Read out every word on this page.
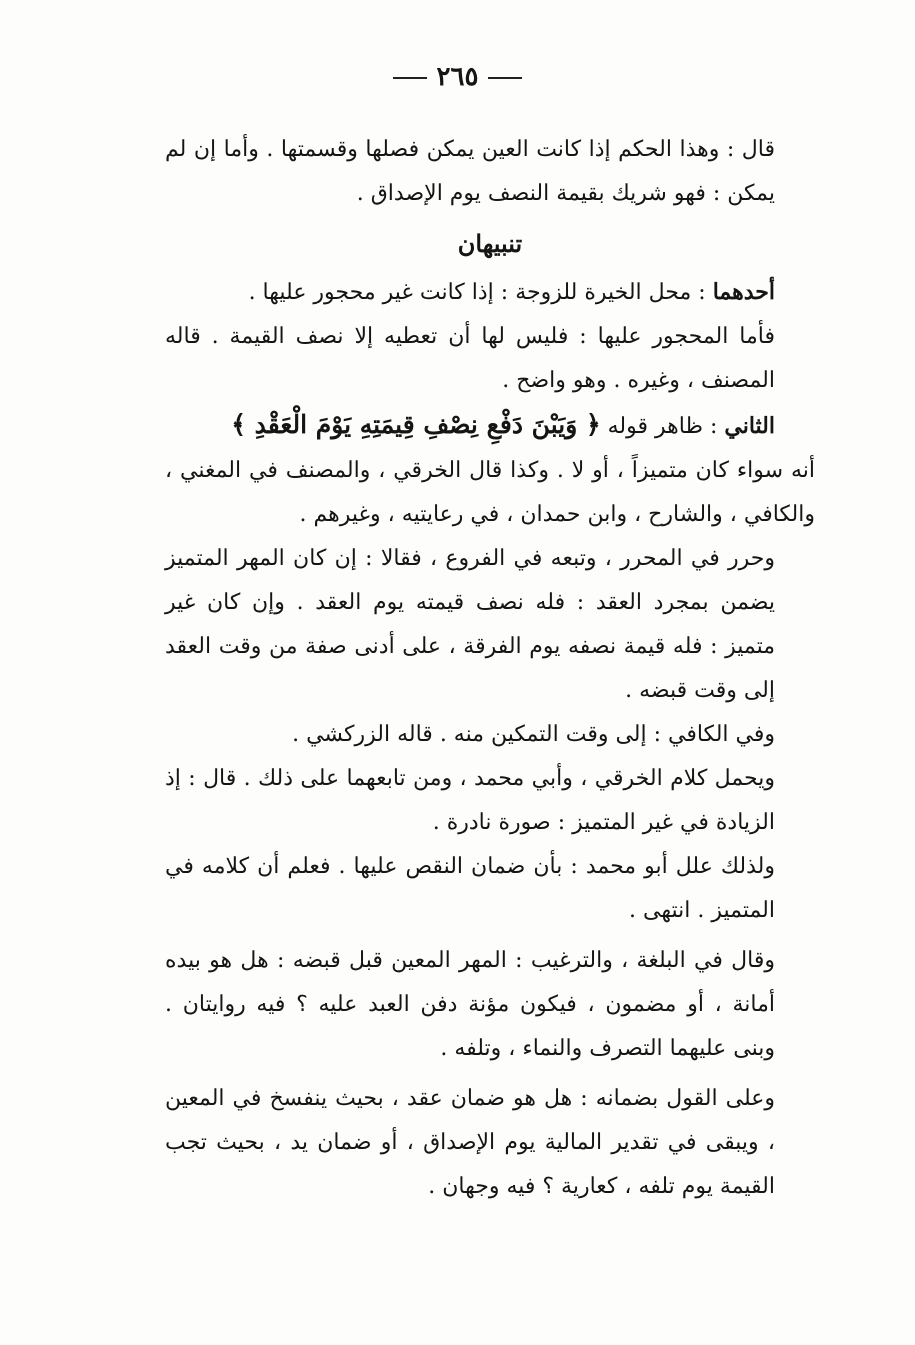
٢٦٥

قال : وهذا الحكم إذا كانت العين يمكن فصلها وقسمتها . وأما إن لم يمكن : فهو شريك بقيمة النصف يوم الإصداق .

تنبيهان

أحدهما : محل الخيرة للزوجة : إذا كانت غير محجور عليها .

فأما المحجور عليها : فليس لها أن تعطيه إلا نصف القيمة . قاله المصنف ، وغيره . وهو واضح .

الثاني : ظاهر قوله ﴿ وَيَبْنَ دَفْعِ نِصْفِ قِيمَتِهِ يَوْمَ الْعَقْدِ ﴾

أنه سواء كان متميزاً ، أو لا . وكذا قال الخرقي ، والمصنف في المغني ، والكافي ، والشارح ، وابن حمدان ، في رعايتيه ، وغيرهم .

وحرر في المحرر ، وتبعه في الفروع ، فقالا : إن كان المهر المتميز يضمن بمجرد العقد : فله نصف قيمته يوم العقد . وإن كان غير متميز : فله قيمة نصفه يوم الفرقة ، على أدنى صفة من وقت العقد إلى وقت قبضه .

وفي الكافي : إلى وقت التمكين منه . قاله الزركشي .

ويحمل كلام الخرقي ، وأبي محمد ، ومن تابعهما على ذلك . قال : إذ الزيادة في غير المتميز : صورة نادرة .

ولذلك علل أبو محمد : بأن ضمان النقص عليها . فعلم أن كلامه في المتميز . انتهى .

وقال في البلغة ، والترغيب : المهر المعين قبل قبضه : هل هو بيده أمانة ، أو مضمون ، فيكون مؤنة دفن العبد عليه ؟ فيه روايتان . وبنى عليهما التصرف والنماء ، وتلفه .

وعلى القول بضمانه : هل هو ضمان عقد ، بحيث ينفسخ في المعين ، ويبقى في تقدير المالية يوم الإصداق ، أو ضمان يد ، بحيث تجب القيمة يوم تلفه ، كعارية ؟ فيه وجهان .
